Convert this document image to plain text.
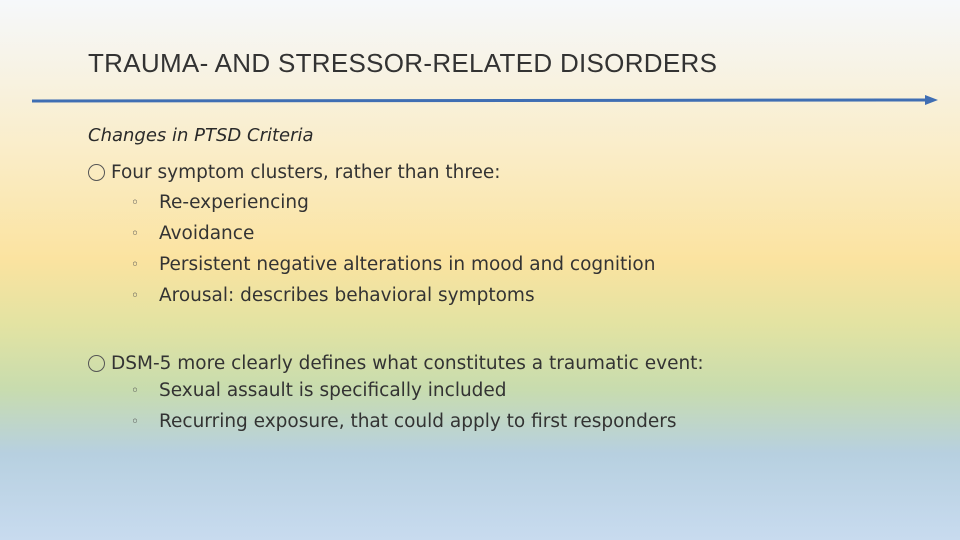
TRAUMA- AND STRESSOR-RELATED DISORDERS
Changes in PTSD Criteria
Four symptom clusters, rather than three:
◦	Re-experiencing
◦	Avoidance
◦	Persistent negative alterations in mood and cognition
◦	Arousal: describes behavioral symptoms
DSM-5 more clearly defines what constitutes a traumatic event:
◦	Sexual assault is specifically included
◦	Recurring exposure, that could apply to first responders
